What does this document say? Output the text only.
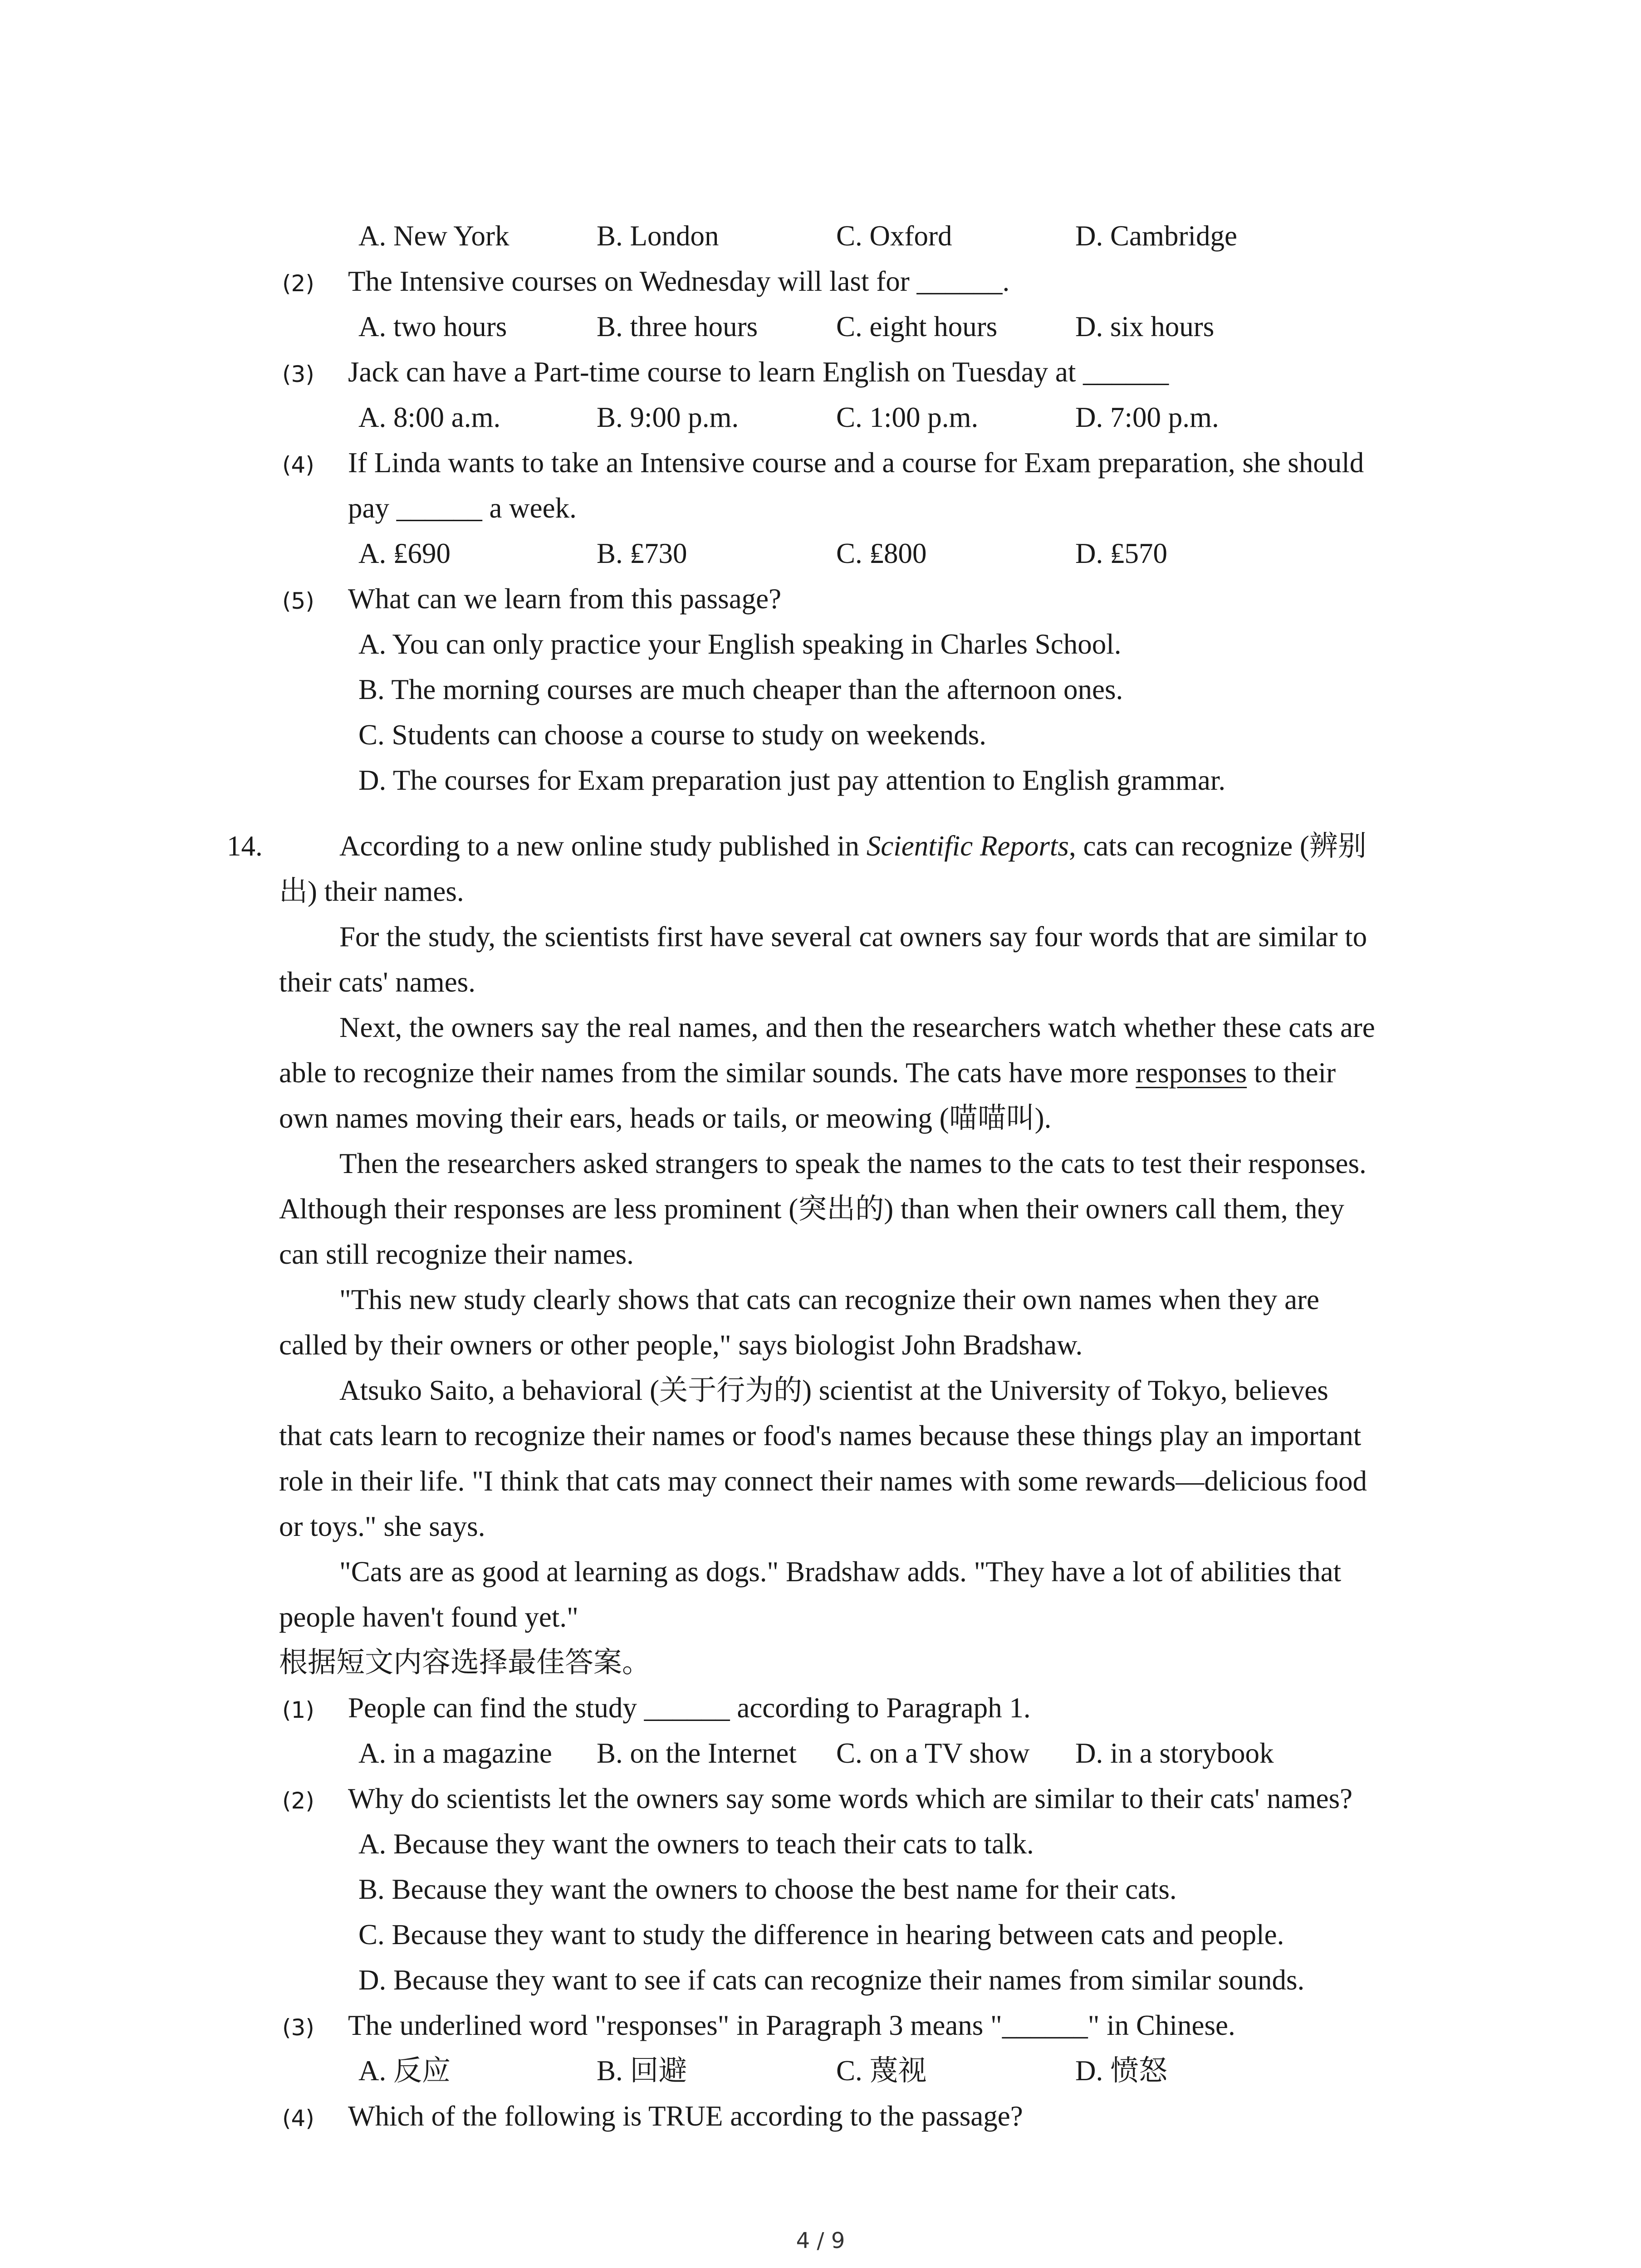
A. New York	B. London	C. Oxford	D. Cambridge
(2) The Intensive courses on Wednesday will last for ______.
A. two hours	B. three hours	C. eight hours	D. six hours
(3) Jack can have a Part-time course to learn English on Tuesday at ______
A. 8:00 a.m.	B. 9:00 p.m.	C. 1:00 p.m.	D. 7:00 p.m.
(4) If Linda wants to take an Intensive course and a course for Exam preparation, she should
pay ______ a week.
A. ₤690	B. ₤730	C. ₤800	D. ₤570
(5) What can we learn from this passage?
A. You can only practice your English speaking in Charles School.
B. The morning courses are much cheaper than the afternoon ones.
C. Students can choose a course to study on weekends.
D. The courses for Exam preparation just pay attention to English grammar.
14.	According to a new online study published in Scientific Reports, cats can recognize (辨别
出) their names.
For the study, the scientists first have several cat owners say four words that are similar to
their cats' names.
Next, the owners say the real names, and then the researchers watch whether these cats are
able to recognize their names from the similar sounds. The cats have more responses to their
own names moving their ears, heads or tails, or meowing (喵喵叫).
Then the researchers asked strangers to speak the names to the cats to test their responses.
Although their responses are less prominent (突出的) than when their owners call them, they
can still recognize their names.
"This new study clearly shows that cats can recognize their own names when they are
called by their owners or other people," says biologist John Bradshaw.
Atsuko Saito, a behavioral (关于行为的) scientist at the University of Tokyo, believes
that cats learn to recognize their names or food's names because these things play an important
role in their life. "I think that cats may connect their names with some rewards—delicious food
or toys." she says.
"Cats are as good at learning as dogs." Bradshaw adds. "They have a lot of abilities that
people haven't found yet."
根据短文内容选择最佳答案。
(1) People can find the study ______ according to Paragraph 1.
A. in a magazine B. on the Internet C. on a TV show D. in a storybook
(2) Why do scientists let the owners say some words which are similar to their cats' names?
A. Because they want the owners to teach their cats to talk.
B. Because they want the owners to choose the best name for their cats.
C. Because they want to study the difference in hearing between cats and people.
D. Because they want to see if cats can recognize their names from similar sounds.
(3) The underlined word "responses" in Paragraph 3 means "______" in Chinese.
A. 反应	B. 回避	C. 蔑视	D. 愤怒
(4) Which of the following is TRUE according to the passage?
4 / 9
